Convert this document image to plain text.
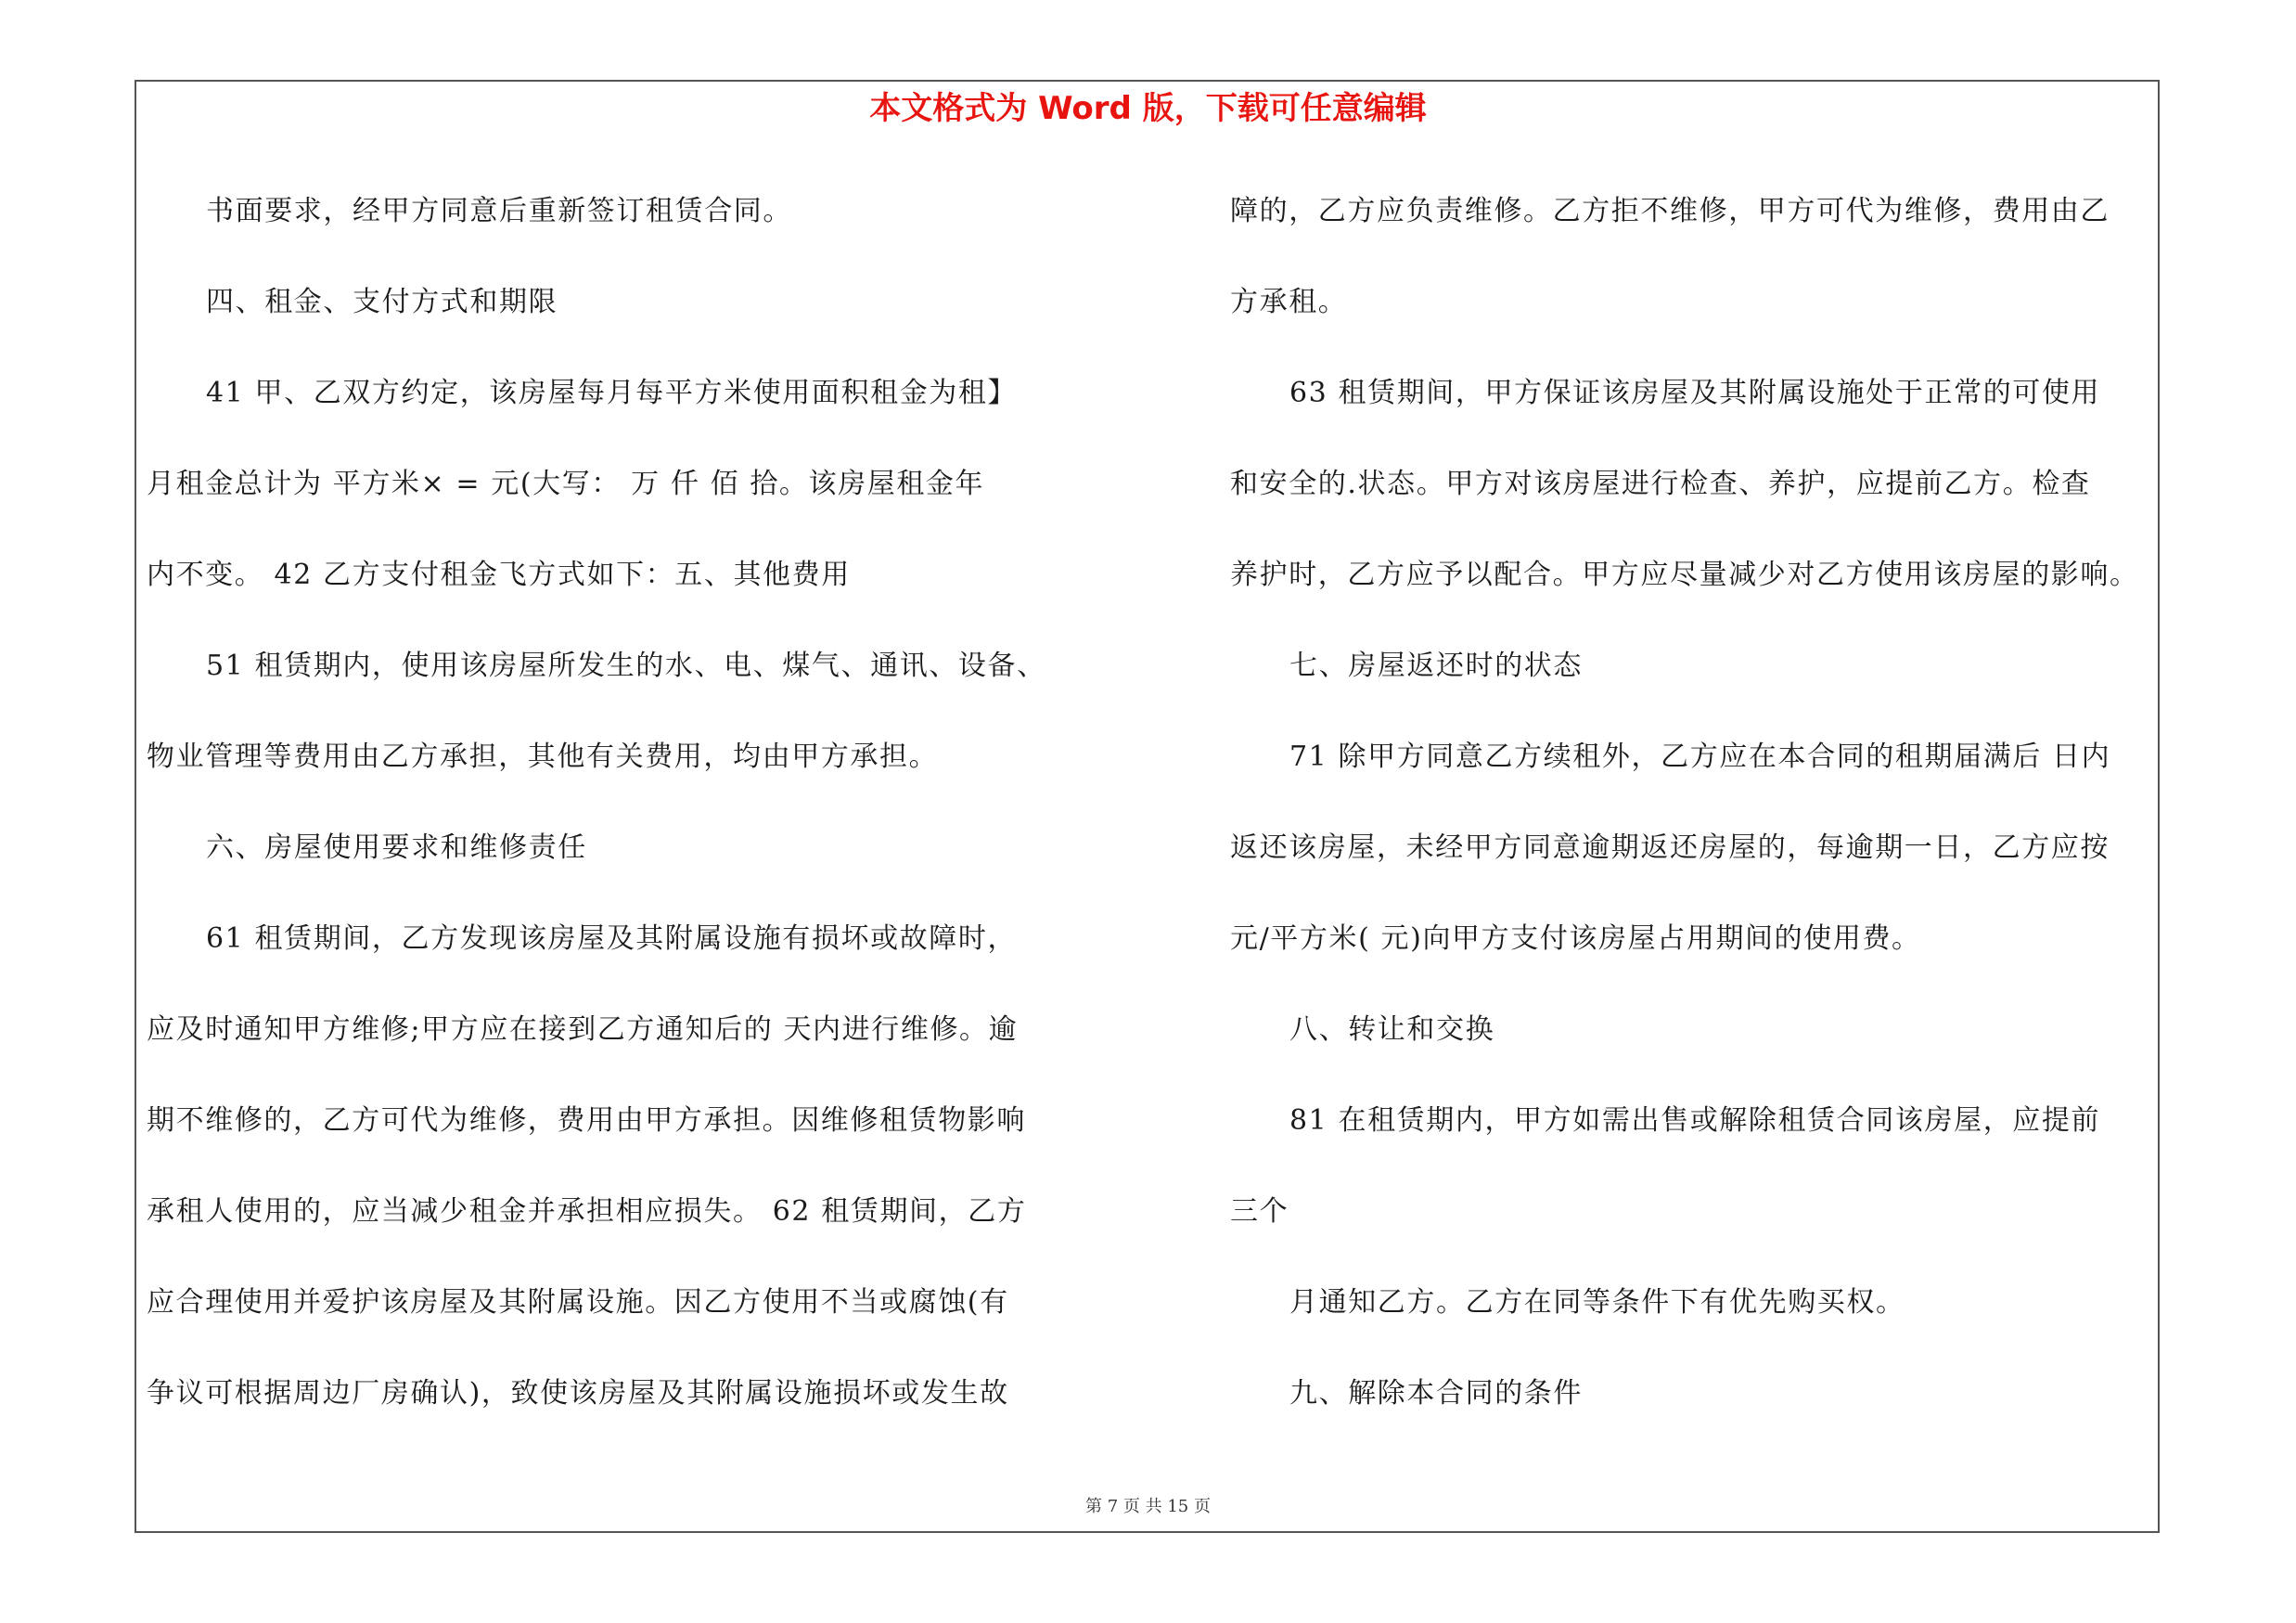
本文格式为 Word 版，下载可任意编辑
书面要求，经甲方同意后重新签订租赁合同。
四、租金、支付方式和期限
41 甲、乙双方约定，该房屋每月每平方米使用面积租金为租】
月租金总计为 平方米× = 元(大写： 万 仟 佰 拾。该房屋租金年
内不变。 42 乙方支付租金飞方式如下：五、其他费用
51 租赁期内，使用该房屋所发生的水、电、煤气、通讯、设备、
物业管理等费用由乙方承担，其他有关费用，均由甲方承担。
六、房屋使用要求和维修责任
61 租赁期间，乙方发现该房屋及其附属设施有损坏或故障时，
应及时通知甲方维修;甲方应在接到乙方通知后的 天内进行维修。逾
期不维修的，乙方可代为维修，费用由甲方承担。因维修租赁物影响
承租人使用的，应当减少租金并承担相应损失。 62 租赁期间，乙方
应合理使用并爱护该房屋及其附属设施。因乙方使用不当或腐蚀(有
争议可根据周边厂房确认)，致使该房屋及其附属设施损坏或发生故
障的，乙方应负责维修。乙方拒不维修，甲方可代为维修，费用由乙
方承租。
63 租赁期间，甲方保证该房屋及其附属设施处于正常的可使用
和安全的.状态。甲方对该房屋进行检查、养护，应提前乙方。检查
养护时，乙方应予以配合。甲方应尽量减少对乙方使用该房屋的影响。
七、房屋返还时的状态
71 除甲方同意乙方续租外，乙方应在本合同的租期届满后 日内
返还该房屋，未经甲方同意逾期返还房屋的，每逾期一日，乙方应按
元/平方米( 元)向甲方支付该房屋占用期间的使用费。
八、转让和交换
81 在租赁期内，甲方如需出售或解除租赁合同该房屋，应提前
三个
月通知乙方。乙方在同等条件下有优先购买权。
九、解除本合同的条件
第 7 页 共 15 页
